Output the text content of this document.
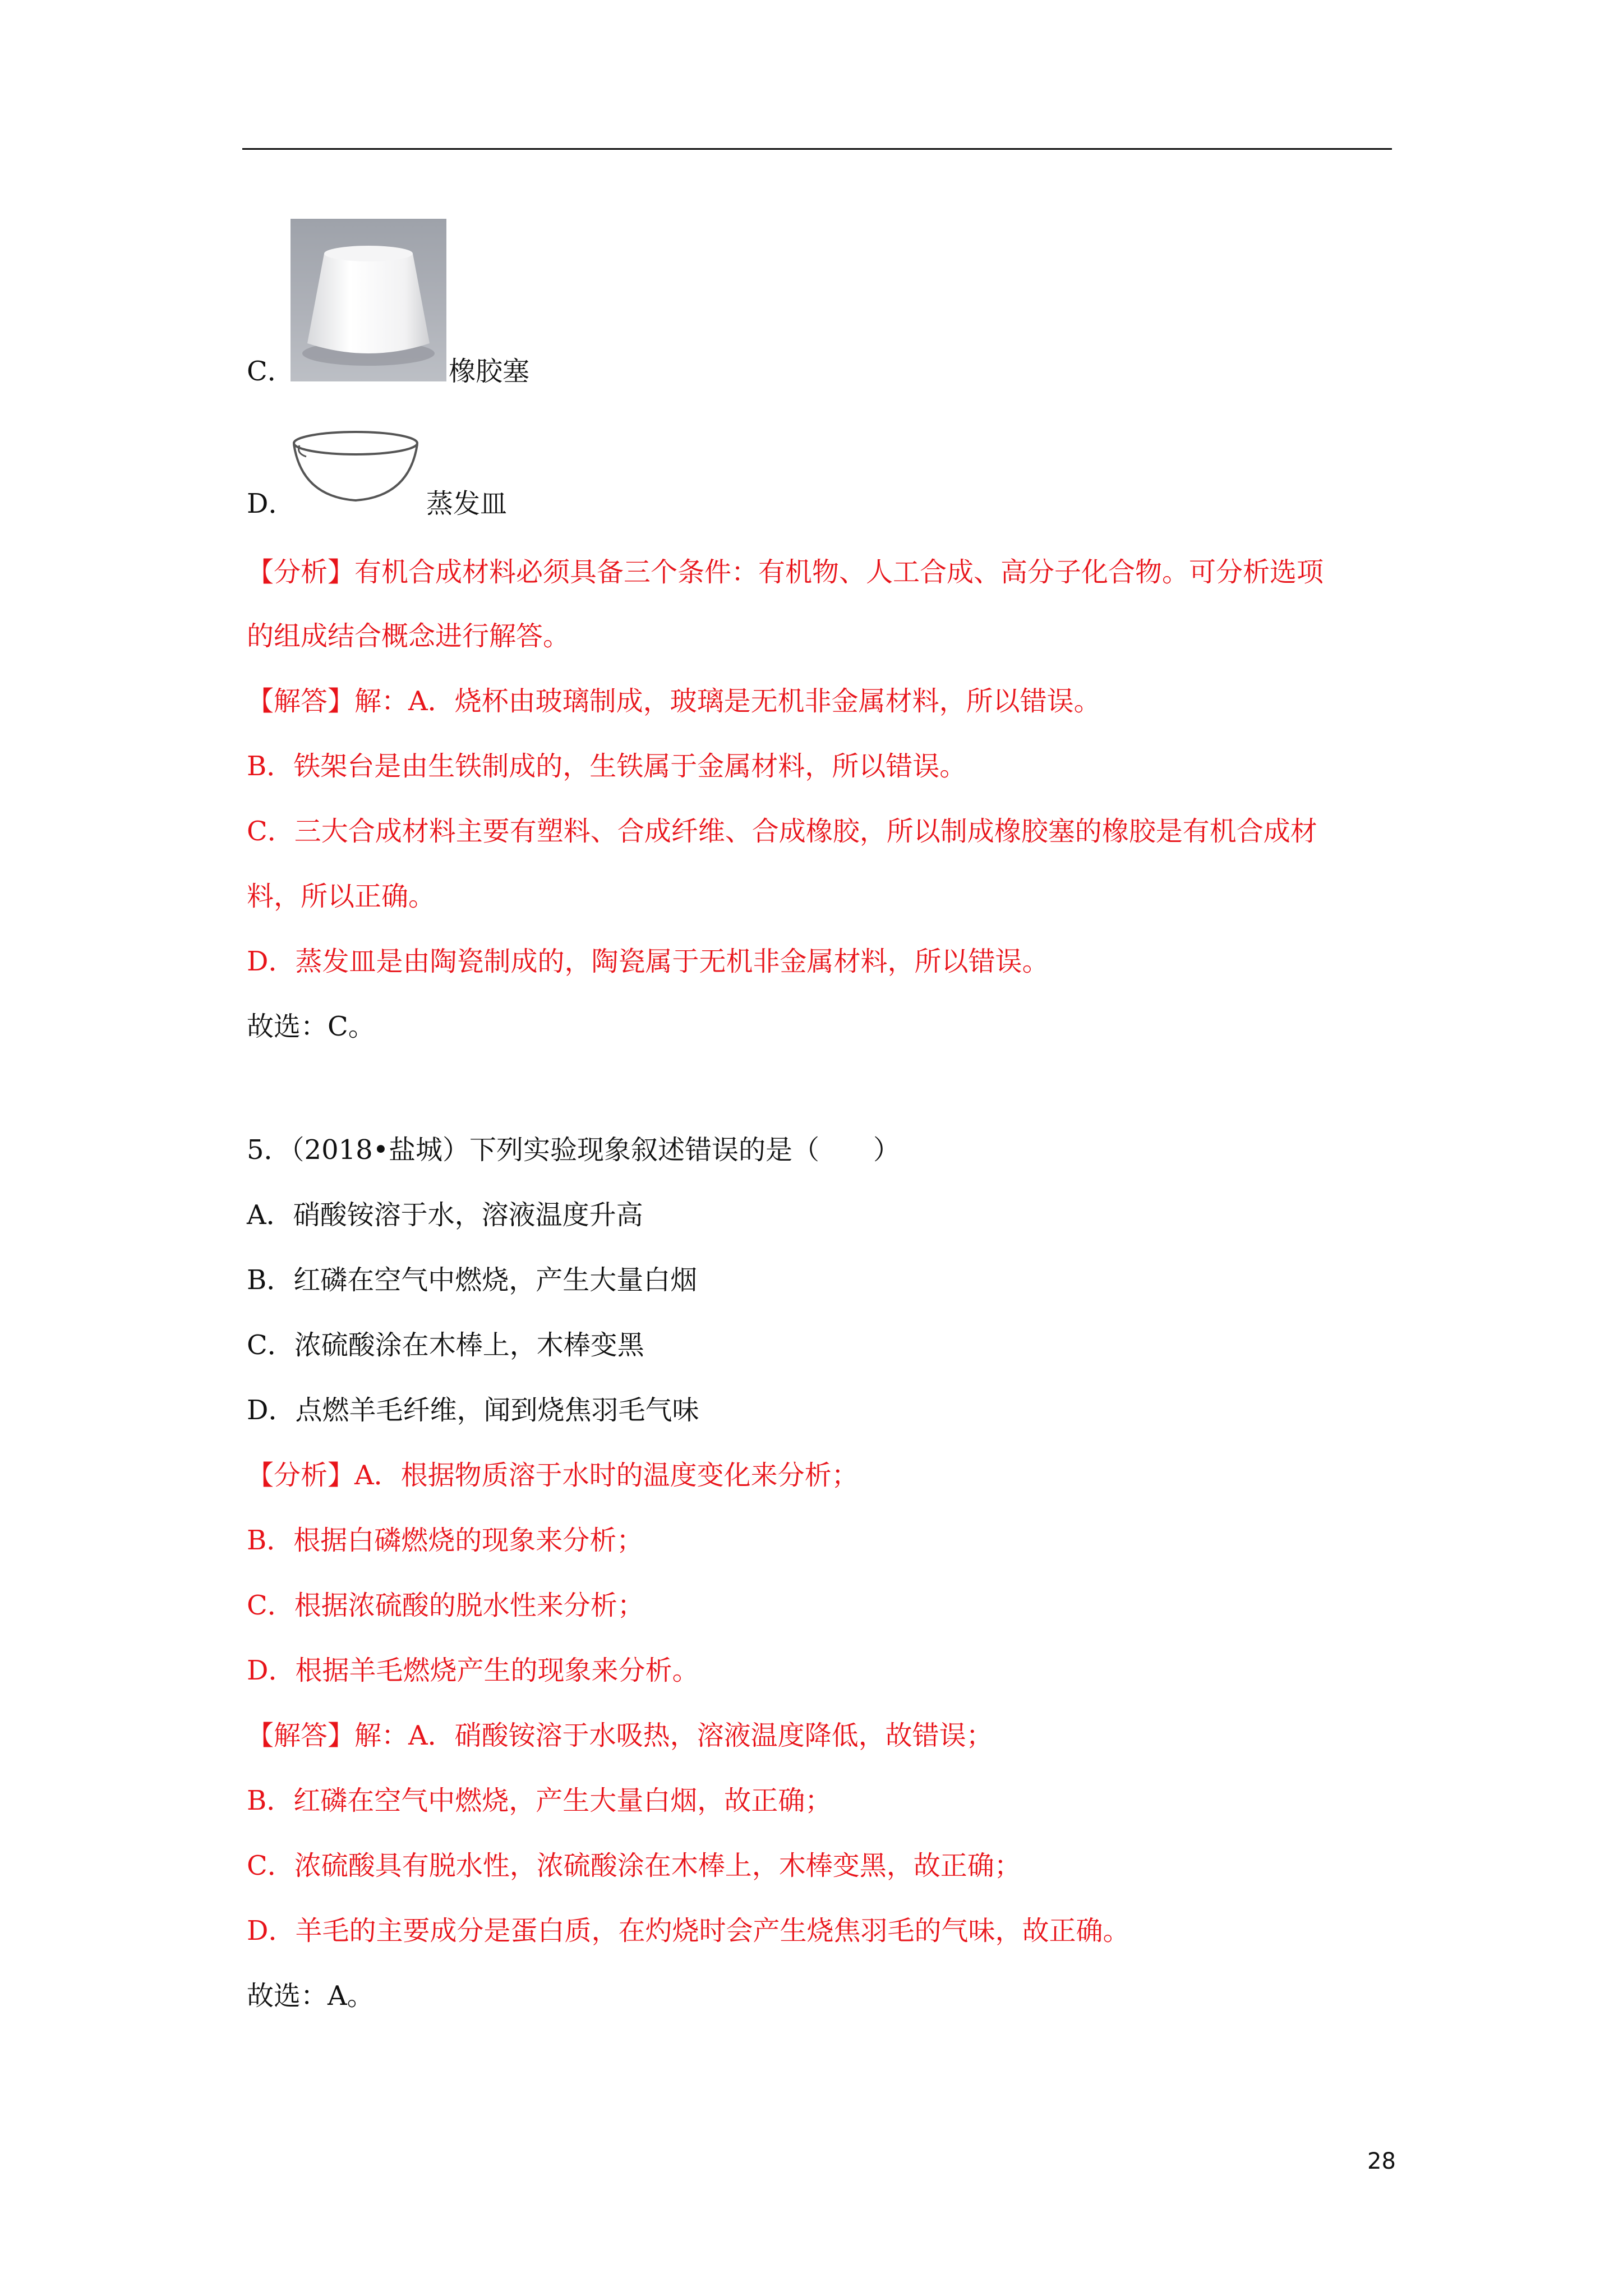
C．	橡胶塞
D．	蒸发皿
【分析】有机合成材料必须具备三个条件：有机物、人工合成、高分子化合物。可分析选项
的组成结合概念进行解答。
【解答】解：A．烧杯由玻璃制成，玻璃是无机非金属材料，所以错误。
B．铁架台是由生铁制成的，生铁属于金属材料，所以错误。
C．三大合成材料主要有塑料、合成纤维、合成橡胶，所以制成橡胶塞的橡胶是有机合成材
料，所以正确。
D．蒸发皿是由陶瓷制成的，陶瓷属于无机非金属材料，所以错误。
故选：C。
5．（2018•盐城）下列实验现象叙述错误的是（　　）
A．硝酸铵溶于水，溶液温度升高
B．红磷在空气中燃烧，产生大量白烟
C．浓硫酸涂在木棒上，木棒变黑
D．点燃羊毛纤维，闻到烧焦羽毛气味
【分析】A．根据物质溶于水时的温度变化来分析；
B．根据白磷燃烧的现象来分析；
C．根据浓硫酸的脱水性来分析；
D．根据羊毛燃烧产生的现象来分析。
【解答】解：A．硝酸铵溶于水吸热，溶液温度降低，故错误；
B．红磷在空气中燃烧，产生大量白烟，故正确；
C．浓硫酸具有脱水性，浓硫酸涂在木棒上，木棒变黑，故正确；
D．羊毛的主要成分是蛋白质，在灼烧时会产生烧焦羽毛的气味，故正确。
故选：A。
28
